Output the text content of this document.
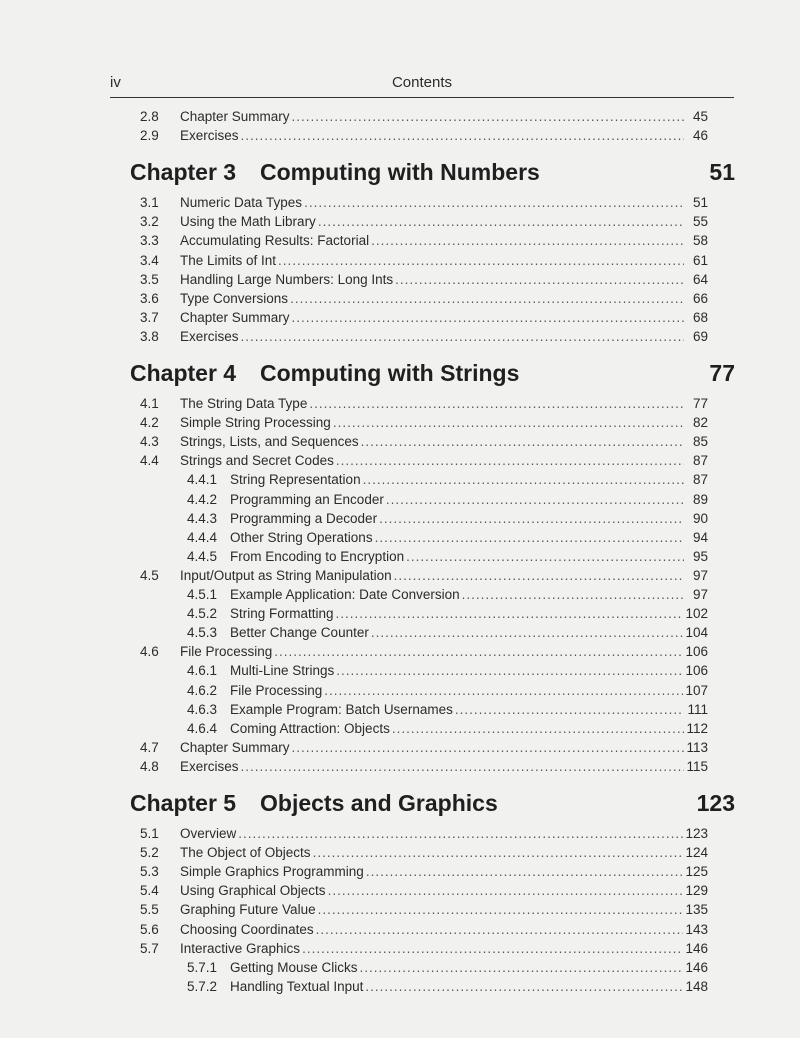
iv	Contents
2.8	Chapter Summary .....	45
2.9	Exercises .....	46
Chapter 3 Computing with Numbers	51
3.1	Numeric Data Types .....	51
3.2	Using the Math Library .....	55
3.3	Accumulating Results: Factorial .....	58
3.4	The Limits of Int .....	61
3.5	Handling Large Numbers: Long Ints .....	64
3.6	Type Conversions .....	66
3.7	Chapter Summary .....	68
3.8	Exercises .....	69
Chapter 4 Computing with Strings	77
4.1	The String Data Type .....	77
4.2	Simple String Processing .....	82
4.3	Strings, Lists, and Sequences .....	85
4.4	Strings and Secret Codes .....	87
4.4.1 String Representation .....	87
4.4.2 Programming an Encoder .....	89
4.4.3 Programming a Decoder .....	90
4.4.4 Other String Operations .....	94
4.4.5 From Encoding to Encryption .....	95
4.5	Input/Output as String Manipulation .....	97
4.5.1 Example Application: Date Conversion .....	97
4.5.2 String Formatting .....	102
4.5.3 Better Change Counter .....	104
4.6	File Processing .....	106
4.6.1 Multi-Line Strings .....	106
4.6.2 File Processing .....	107
4.6.3 Example Program: Batch Usernames .....	111
4.6.4 Coming Attraction: Objects .....	112
4.7	Chapter Summary .....	113
4.8	Exercises .....	115
Chapter 5 Objects and Graphics	123
5.1	Overview .....	123
5.2	The Object of Objects .....	124
5.3	Simple Graphics Programming .....	125
5.4	Using Graphical Objects .....	129
5.5	Graphing Future Value .....	135
5.6	Choosing Coordinates .....	143
5.7	Interactive Graphics .....	146
5.7.1 Getting Mouse Clicks .....	146
5.7.2 Handling Textual Input .....	148
